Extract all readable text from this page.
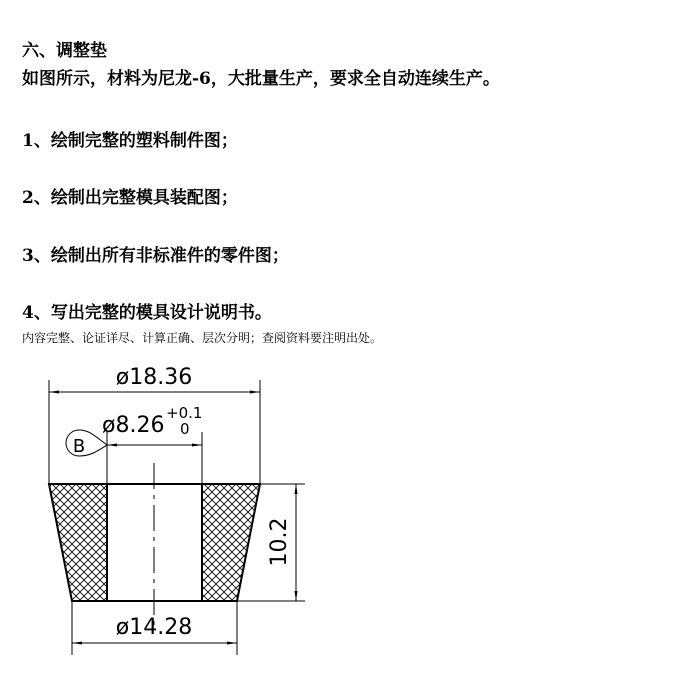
六、调整垫
如图所示，材料为尼龙-6，大批量生产，要求全自动连续生产。
1、绘制完整的塑料制件图；
2、绘制出完整模具装配图；
3、绘制出所有非标准件的零件图；
4、写出完整的模具设计说明书。
内容完整、论证详尽、计算正确、层次分明；查阅资料要注明出处。
ø18.36
ø8.26 +0.1
0
B
10.2
ø14.28
